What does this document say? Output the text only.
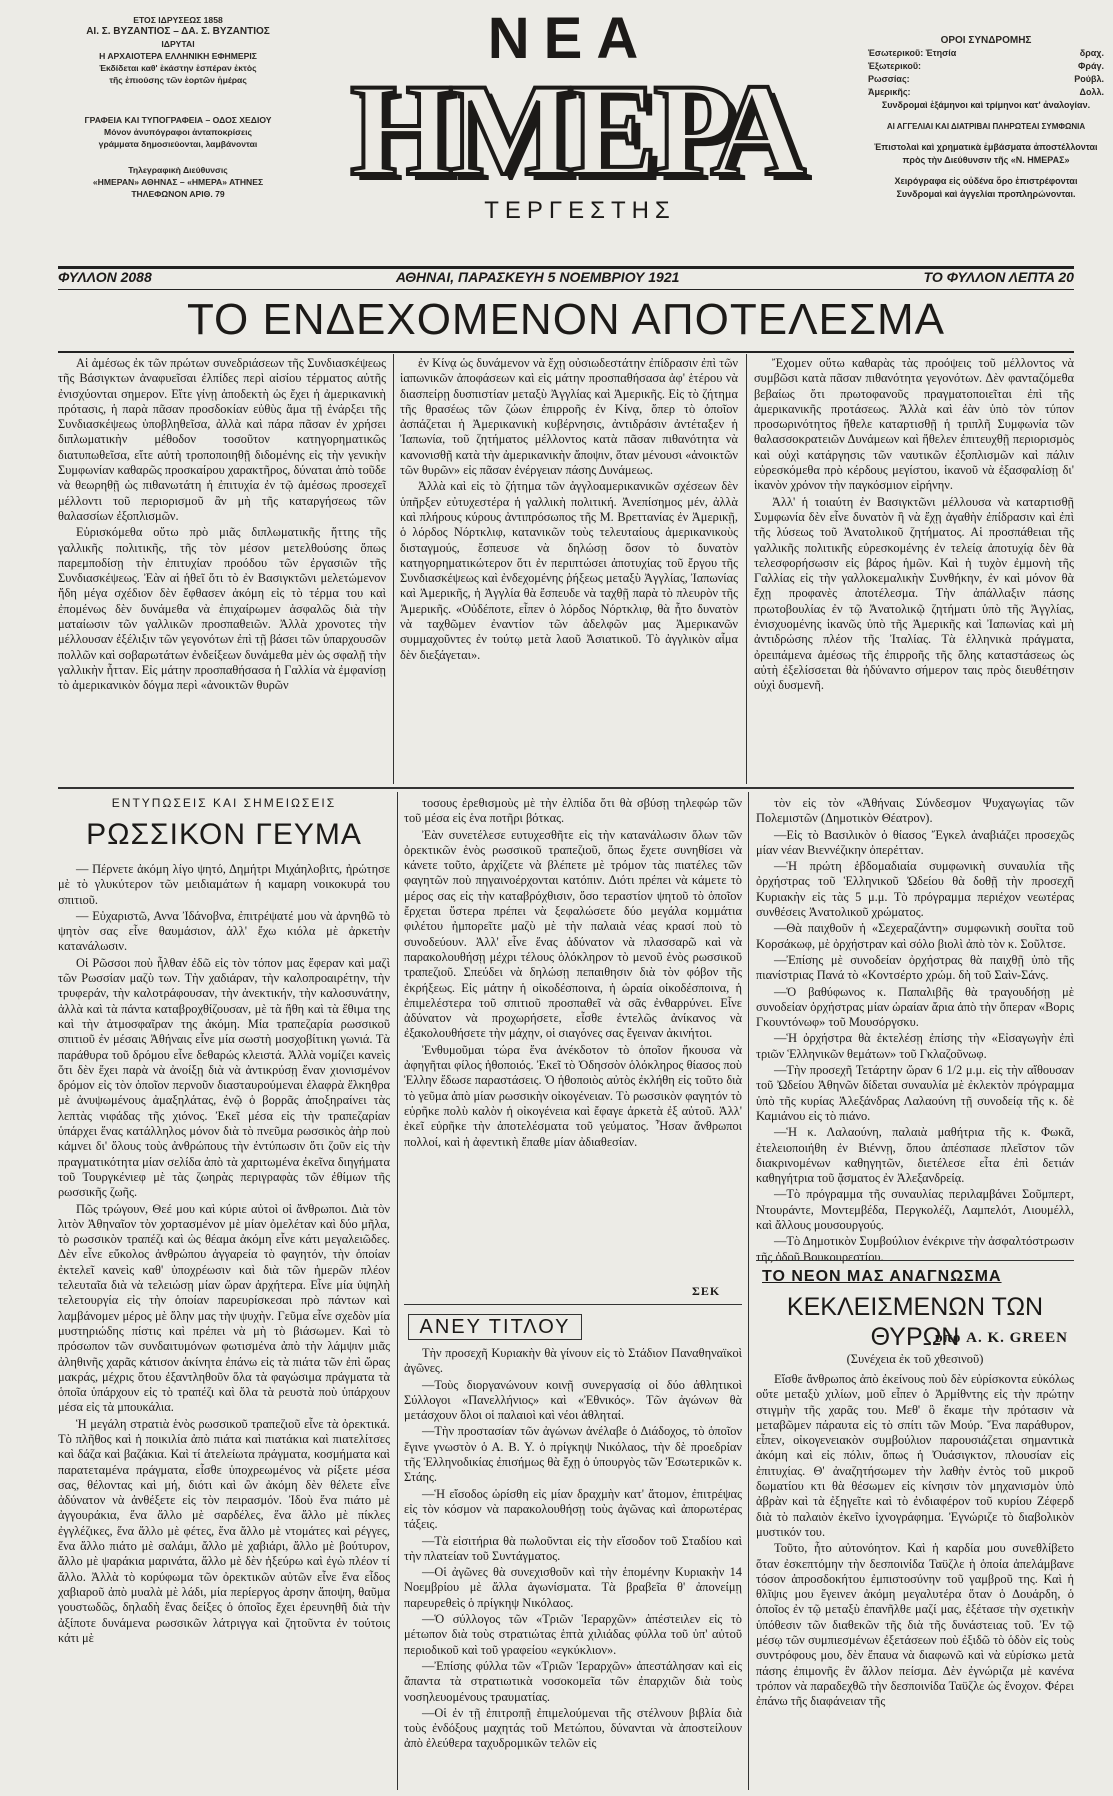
ΕΤΟΣ ΙΔΡΥΣΕΩΣ 1858
ΑΙ. Σ. ΒΥΖΑΝΤΙΟΣ – ΔΑ. Σ. ΒΥΖΑΝΤΙΟΣ
ΙΔΡΥΤΑΙ
Η ΑΡΧΑΙΟΤΕΡΑ ΕΛΛΗΝΙΚΗ ΕΦΗΜΕΡΙΣ
Ἐκδίδεται καθ' ἑκάστην ἑσπέραν ἐκτὸς
τῆς ἐπιούσης τῶν ἑορτῶν ἡμέρας
ΓΡΑΦΕΙΑ ΚΑΙ ΤΥΠΟΓΡΑΦΕΙΑ – ΟΔΟΣ ΧΕΔΙΟΥ
Μόνον ἀνυπόγραφοι ἀνταποκρίσεις
γράμματα δημοσιεύονται, λαμβάνονται
Τηλεγραφικὴ Διεύθυνσις
«ΗΜΕΡΑΝ» ΑΘΗΝΑΣ – «ΗΜΕΡΑ» ΑΤΗΝΕΣ
ΤΗΛΕΦΩΝΟΝ ΑΡΙΘ. 79
ΝΕΑ
ΗΜΕΡΑ
ΤΕΡΓΕΣΤΗΣ
ΟΡΟΙ ΣΥΝΔΡΟΜΗΣ
Ἐσωτερικοῦ: Ἐτησία	δραχ.
Ἐξωτερικοῦ:	Φράγ.
Ρωσσίας:	Ρούβλ.
Ἀμερικῆς:	Δολλ.
Συνδρομαὶ ἑξάμηνοι καὶ τρίμηνοι κατ' ἀναλογίαν.
ΑΙ ΑΓΓΕΛΙΑΙ ΚΑΙ ΔΙΑΤΡΙΒΑΙ ΠΛΗΡΩΤΕΑΙ ΣΥΜΦΩΝΙΑ
Ἐπιστολαὶ καὶ χρηματικὰ ἐμβάσματα ἀποστέλλονται πρὸς τὴν Διεύθυνσιν τῆς «Ν. ΗΜΕΡΑΣ»
Χειρόγραφα εἰς οὐδένα ὅρο ἐπιστρέφονται
Συνδρομαὶ καὶ ἀγγελίαι προπληρώνονται.
ΦΥΛΛΟΝ 2088	ΑΘΗΝΑΙ, ΠΑΡΑΣΚΕΥΗ 5 ΝΟΕΜΒΡΙΟΥ 1921	ΤΟ ΦΥΛΛΟΝ ΛΕΠΤΑ 20
ΤΟ ΕΝΔΕΧΟΜΕΝΟΝ ΑΠΟΤΕΛΕΣΜΑ

Αἱ ἀμέσως ἐκ τῶν πρώτων συνεδριάσεων τῆς Συνδιασκέψεως τῆς Βάσιγκτων ἀναφυεῖσαι ἐλπίδες περὶ αἰσίου τέρματος αὐτῆς ἐνισχύονται σημερον. Εἴτε γίνῃ ἀποδεκτὴ ὡς ἔχει ἡ ἀμερικανικὴ πρότασις, ἡ παρὰ πᾶσαν προσδοκίαν εὐθὺς ἅμα τῇ ἐνάρξει τῆς Συνδιασκέψεως ὑποβληθεῖσα, ἀλλὰ καὶ πάρα πᾶσαν ἐν χρήσει διπλωματικὴν μέθοδον τοσοῦτον κατηγορηματικῶς διατυπωθεῖσα, εἴτε αὐτὴ τροποποιηθῇ διδομένης εἰς τὴν γενικὴν Συμφωνίαν καθαρῶς προσκαίρου χαρακτῆρος, δύναται ἀπὸ τοῦδε νὰ θεωρηθῇ ὡς πιθανωτάτη ἡ ἐπιτυχία ἐν τῷ ἀμέσως προσεχεῖ μέλλοντι τοῦ περιορισμοῦ ἂν μὴ τῆς καταργήσεως τῶν θαλασσίων ἐξοπλισμῶν.

Εὑρισκόμεθα οὕτω πρὸ μιᾶς διπλωματικῆς ἥττης τῆς γαλλικῆς πολιτικῆς, τῆς τὸν μέσον μετελθούσης ὅπως παρεμποδίσῃ τὴν ἐπιτυχίαν προόδου τῶν ἐργασιῶν τῆς Συνδιασκέψεως. Ἐὰν αἱ ἡθεῖ ὅτι τὸ ἐν Βασιγκτῶνι μελετώμενον ἤδη μέγα σχέδιον δὲν ἔφθασεν ἀκόμη εἰς τὸ τέρμα του καὶ ἐπομένως δὲν δυνάμεθα νὰ ἐπιχαίρωμεν ἀσφαλῶς διὰ τὴν ματαίωσιν τῶν γαλλικῶν προσπαθειῶν. Ἀλλὰ χρονοτες τὴν μέλλουσαν ἐξέλιξιν τῶν γεγονότων ἐπὶ τῇ βάσει τῶν ὑπαρχουσῶν πολλῶν καὶ σοβαρωτάτων ἐνδείξεων δυνάμεθα μὲν ὡς σφαλῇ τὴν γαλλικὴν ἧτταν. Εἰς μάτην προσπαθήσασα ἡ Γαλλία νὰ ἐμφανίσῃ τὸ ἀμερικανικὸν δόγμα περὶ «ἀνοικτῶν θυρῶν

ἐν Κίνᾳ ὡς δυνάμενον νὰ ἔχῃ οὐσιωδεστάτην ἐπίδρασιν ἐπὶ τῶν ἰαπωνικῶν ἀποφάσεων καὶ εἰς μάτην προσπαθήσασα ἀφ' ἑτέρου νὰ διασπείρῃ δυσπιστίαν μεταξὺ Ἀγγλίας καὶ Ἀμερικῆς. Εἰς τὸ ζήτημα τῆς θρασέως τῶν ζώων ἐπιρροῆς ἐν Κίνᾳ, ὅπερ τὸ ὁποῖον ἀσπάζεται ἡ Ἀμερικανικὴ κυβέρνησις, ἀντιδράσιν ἀντέταξεν ἡ Ἰαπωνία, τοῦ ζητήματος μέλλοντος κατὰ πᾶσαν πιθανότητα νὰ κανονισθῇ κατὰ τὴν ἀμερικανικὴν ἄποψιν, ὅταν μένουσι «ἀνοικτῶν τῶν θυρῶν» εἰς πᾶσαν ἐνέργειαν πάσης Δυνάμεως.

Ἀλλὰ καὶ εἰς τὸ ζήτημα τῶν ἀγγλοαμερικανικῶν σχέσεων δὲν ὑπῆρξεν εὐτυχεστέρα ἡ γαλλικὴ πολιτική. Ἀνεπίσημος μέν, ἀλλὰ καὶ πλήρους κύρους ἀντιπρόσωπος τῆς Μ. Βρεττανίας ἐν Ἀμερικῇ, ὁ λόρδος Νόρτκλιφ, κατανικῶν τοὺς τελευταίους ἀμερικανικοὺς δισταγμούς, ἔσπευσε νὰ δηλώσῃ ὅσον τὸ δυνατὸν κατηγορηματικώτερον ὅτι ἐν περιπτώσει ἀποτυχίας τοῦ ἔργου τῆς Συνδιασκέψεως καὶ ἐνδεχομένης ῥήξεως μεταξὺ Ἀγγλίας, Ἰαπωνίας καὶ Ἀμερικῆς, ἡ Ἀγγλία θὰ ἔσπευδε νὰ ταχθῇ παρὰ τὸ πλευρὸν τῆς Ἀμερικῆς. «Οὐδέποτε, εἶπεν ὁ λόρδος Νόρτκλιφ, θὰ ἦτο δυνατὸν νὰ ταχθῶμεν ἐναντίον τῶν ἀδελφῶν μας Ἀμερικανῶν συμμαχοῦντες ἐν τούτῳ μετὰ λαοῦ Ἀσιατικοῦ. Τὸ ἀγγλικὸν αἷμα δὲν διεξάγεται».

Ἔχομεν οὕτω καθαρὰς τὰς προόψεις τοῦ μέλλοντος νὰ συμβῶσι κατὰ πᾶσαν πιθανότητα γεγονότων. Δὲν φανταζόμεθα βεβαίως ὅτι πρωτοφανοῦς πραγματοποιεῖται ἐπὶ τῆς ἀμερικανικῆς προτάσεως. Ἀλλὰ καὶ ἐὰν ὑπὸ τὸν τύπον προσωρινότητος ἤθελε καταρτισθῇ ἡ τριπλῆ Συμφωνία τῶν θαλασσοκρατειῶν Δυνάμεων καὶ ἤθελεν ἐπιτευχθῇ περιορισμὸς καὶ οὐχὶ κατάργησις τῶν ναυτικῶν ἐξοπλισμῶν καὶ πάλιν εὐρεσκόμεθα πρὸ κέρδους μεγίστου, ἱκανοῦ νὰ ἐξασφαλίσῃ δι' ἱκανὸν χρόνον τὴν παγκόσμιον εἰρήνην.

Ἀλλ' ἡ τοιαύτη ἐν Βασιγκτῶνι μέλλουσα νὰ καταρτισθῇ Συμφωνία δὲν εἶνε δυνατὸν ἢ νὰ ἔχῃ ἀγαθὴν ἐπίδρασιν καὶ ἐπὶ τῆς λύσεως τοῦ Ἀνατολικοῦ ζητήματος. Αἱ προσπάθειαι τῆς γαλλικῆς πολιτικῆς εὑρεσκομένης ἐν τελείᾳ ἀποτυχίᾳ δὲν θὰ τελεσφορήσωσιν εἰς βάρος ἡμῶν. Καὶ ἡ τυχὸν ἐμμονὴ τῆς Γαλλίας εἰς τὴν γαλλοκεμαλικὴν Συνθήκην, ἐν καὶ μόνον θὰ ἔχῃ προφανὲς ἀποτέλεσμα. Τὴν ἀπάλλαξιν πάσης πρωτοβουλίας ἐν τῷ Ἀνατολικῷ ζητήματι ὑπὸ τῆς Ἀγγλίας, ἐνισχυομένης ἱκανῶς ὑπὸ τῆς Ἀμερικῆς καὶ Ἰαπωνίας καὶ μὴ ἀντιδρώσης πλέον τῆς Ἰταλίας. Τὰ ἑλληνικὰ πράγματα, ὀρειπάμενα ἀμέσως τῆς ἐπιρροῆς τῆς ὅλης καταστάσεως ὡς αὐτὴ ἐξελίσσεται θὰ ἠδύναντο σήμερον ταις πρὸς διευθέτησιν οὐχὶ δυσμενῆ.

ΕΝΤΥΠΩΣΕΙΣ ΚΑΙ ΣΗΜΕΙΩΣΕΙΣ
ΡΩΣΣΙΚΟΝ ΓΕΥΜΑ

— Πέρνετε ἀκόμη λίγο ψητό, Δημήτρι Μιχάηλοβιτς, ἠρώτησε μὲ τὸ γλυκύτερον τῶν μειδιαμάτων ἡ καμαρη νοικοκυρά του σπιτιοῦ.

— Εὐχαριστῶ, Αννα Ἰδάνοβνα, ἐπιτρέψατέ μου νὰ ἀρνηθῶ τὸ ψητὸν σας εἶνε θαυμάσιον, ἀλλ' ἔχω κιόλα μὲ ἀρκετὴν κατανάλωσιν.

Οἱ Ρῶσσοι ποὺ ἦλθαν ἐδῶ εἰς τὸν τόπον μας ἔφεραν καὶ μαζὶ τῶν Ρωσσίαν μαζὺ των. Τὴν χαδιάραν, τὴν καλοπροαιρέτην, τὴν τρυφεράν, τὴν καλοτράφουσαν, τὴν ἀνεκτικήν, τὴν καλοσυνάτην, ἀλλὰ καὶ τὰ πάντα καταβροχθίζουσαν, μὲ τὰ ἤθη καὶ τὰ ἔθιμα της καὶ τὴν ἀτμοσφαῖραν της ἀκόμη. Μία τραπεζαρία ρωσσικοῦ σπιτιοῦ ἐν μέσαις Ἀθήναις εἶνε μία σωστὴ μοσχοβίτικη γωνιά. Τὰ παράθυρα τοῦ δρόμου εἶνε δεθαρώς κλειστά. Ἀλλὰ νομίζει κανεὶς ὅτι δὲν ἔχει παρὰ νὰ ἀνοίξῃ διὰ νὰ ἀντικρύσῃ ἕναν χιονισμένον δρόμον εἰς τὸν ὁποῖον περνοῦν διασταυρούμεναι ἐλαφρὰ ἕλκηθρα μὲ ἀνυψωμένους ἀμαξηλάτας, ἐνῷ ὁ βορρᾶς ἀποξηραίνει τὰς λεπτὰς νιφάδας τῆς χιόνος. Ἐκεῖ μέσα εἰς τὴν τραπεζαρίαν ὑπάρχει ἕνας κατάλληλος μόνον διὰ τὸ πνεῦμα ρωσσικὸς ἀὴρ ποὺ κάμνει δι' ὅλους τοὺς ἀνθρώπους τὴν ἐντύπωσιν ὅτι ζοῦν εἰς τὴν πραγματικότητα μίαν σελίδα ἀπὸ τὰ χαριτωμένα ἐκεῖνα διηγήματα τοῦ Τουργκένιεφ μὲ τὰς ζωηρὰς περιγραφὰς τῶν ἐθίμων τῆς ρωσσικῆς ζωῆς.

Πῶς τρώγουν, Θεέ μου καὶ κύριε αὐτοὶ οἱ ἄνθρωποι. Διὰ τὸν λιτὸν Ἀθηναῖον τὸν χορτασμένον μὲ μίαν ὀμελέταν καὶ δύο μῆλα, τὸ ρωσσικὸν τραπέζι καὶ ὡς θέαμα ἀκόμη εἶνε κάτι μεγαλειῶδες. Δὲν εἶνε εὔκολος ἀνθρώπου ἀγγαρεία τὸ φαγητόν, τὴν ὁποίαν ἐκτελεῖ κανεὶς καθ' ὑποχρέωσιν καὶ διὰ τῶν ἡμερῶν πλέον τελευταῖα διὰ νὰ τελειώσῃ μίαν ὥραν ἀρχήτερα. Εἶνε μία ὑψηλὴ τελετουργία εἰς τὴν ὁποίαν παρευρίσκεσαι πρὸ πάντων καὶ λαμβάνομεν μέρος μὲ ὅλην μας τὴν ψυχὴν. Γεῦμα εἶνε σχεδὸν μία μυστηριώδης πίστις καὶ πρέπει νὰ μὴ τὸ βιάσωμεν. Καὶ τὸ πρόσωπον τῶν συνδαιτυμόνων φωτισμένα ἀπὸ τὴν λάμψιν μιᾶς ἀληθινῆς χαρᾶς κάτισον ἀκίνητα ἐπάνω εἰς τὰ πιάτα τῶν ἐπὶ ὥρας μακράς, μέχρις ὅτου ἐξαντληθοῦν ὅλα τὰ φαγώσιμα πράγματα τὰ ὁποῖα ὑπάρχουν εἰς τὸ τραπέζι καὶ ὅλα τὰ ρευστὰ ποὺ ὑπάρχουν μέσα εἰς τὰ μπουκάλια.

Ἡ μεγάλη στρατιὰ ἑνὸς ρωσσικοῦ τραπεζιοῦ εἶνε τὰ ὀρεκτικά. Τὸ πλῆθος καὶ ἡ ποικιλία ἀπὸ πιάτα καὶ πιατάκια καὶ πιατελίτσες καὶ δάζα καὶ βαζάκια. Καὶ τί ἀτελείωτα πράγματα, κοσμήματα καὶ παρατεταμένα πράγματα, εἶσθε ὑποχρεωμένος νὰ ρίξετε μέσα σας, θέλοντας καὶ μή, διότι καὶ ὢν ἀκόμη δὲν θέλετε εἶνε ἀδύνατον νὰ ἀνθέξετε εἰς τὸν πειρασμόν. Ἰδοὺ ἕνα πιάτο μὲ ἀγγουράκια, ἕνα ἄλλο μὲ σαρδέλες, ἕνα ἄλλο μὲ πίκλες ἐγγλέζικες, ἕνα ἄλλο μὲ φέτες, ἕνα ἄλλο μὲ ντομάτες καὶ ρέγγες, ἕνα ἄλλο πιάτο μὲ σαλάμι, ἄλλο μὲ χαβιάρι, ἄλλο μὲ βούτυρον, ἄλλο μὲ ψαράκια μαρινάτα, ἄλλο μὲ δὲν ἠξεύρω καὶ ἐγὼ πλέον τί ἄλλο. Ἀλλὰ τὸ κορύφωμα τῶν ὀρεκτικῶν αὐτῶν εἶνε ἕνα εἶδος χαβιαροῦ ἀπὸ μυαλὰ μὲ λάδι, μία περίεργος ἀρσην ἄποψη, θαῦμα γουστωδῶς, δηλαδὴ ἕνας δείξες ὁ ὁποῖος ἔχει ἐρευνηθῆ διὰ τὴν ἀξίποτε δυνάμενα ρωσσικῶν λάτριγγα καὶ ζητοῦντα ἐν τούτοις κάτι μὲ

τοσους ἐρεθισμοὺς μὲ τὴν ἐλπίδα ὅτι θὰ σβύσῃ τηλεφώρ τῶν τοῦ μέσα εἰς ἑνα ποτῆρι βότκας.

Ἐὰν συνετέλεσε ευτυχεσθῆτε εἰς τὴν κατανάλωσιν ὅλων τῶν ὀρεκτικῶν ἑνὸς ρωσσικοῦ τραπεζιοῦ, ὅπως ἔχετε συνηθίσει νὰ κάνετε τοῦτο, ἀρχίζετε νὰ βλέπετε μὲ τρόμον τὰς πιατέλες τῶν φαγητῶν ποὺ πηγαινοέρχονται κατόπιν. Διότι πρέπει νὰ κάμετε τὸ μέρος σας εἰς τὴν καταβρόχθισιν, ὅσο τεραστίον ψητοῦ τὸ ὁποῖον ἔρχεται ὕστερα πρέπει νὰ ξεφαλώσετε δύο μεγάλα κομμάτια φιλέτου ἠμπορεῖτε μαζὺ μὲ τὴν παλαιὰ νέας κρασί ποὺ τὸ συνοδεύουν. Ἀλλ' εἶνε ἕνας ἀδύνατον νὰ πλασσαρῶ καὶ νὰ παρακολουθήσῃ μέχρι τέλους ὁλόκληρον τὸ μενοῦ ἑνὸς ρωσσικοῦ τραπεζιοῦ. Σπεύδει νὰ δηλώσῃ πεπαιθησιν διὰ τὸν φόβον τῆς ἐκρήξεως. Εἰς μάτην ἡ οἰκοδέσποινα, ἡ ὡραία οἰκοδέσποινα, ἡ ἐπιμελέστερα τοῦ σπιτιοῦ προσπαθεῖ νὰ σᾶς ἐνθαρρύνει. Εἶνε ἀδύνατον νὰ προχωρήσετε, εἶσθε ἐντελῶς ἀνίκανος νὰ ἐξακολουθήσετε τὴν μάχην, οἱ σιαγόνες σας ἔγειναν ἀκινήτοι.

Ἐνθυμοῦμαι τώρα ἕνα ἀνέκδοτον τὸ ὁποῖον ἤκουσα νὰ ἀφηγῆται φίλος ἡθοποιός. Ἐκεῖ τὸ Ὀδησσὸν ὁλόκληρος θίασος ποὺ Ἐλλην ἔδωσε παραστάσεις. Ὁ ἡθοποιὸς αὐτὸς ἐκλήθη εἰς τοῦτο διὰ τὸ γεῦμα ἀπὸ μίαν ρωσσικὴν οἰκογένειαν. Τὸ ρωσσικὸν φαγητόν τὸ εὑρῆκε πολὺ καλὸν ἡ οἰκογένεια καὶ ἔφαγε ἀρκετὰ ἐξ αὐτοῦ. Ἀλλ' ἐκεῖ εὑρῆκε τὴν ἀποτελέσματα τοῦ γεύματος. Ἦσαν ἄνθρωποι πολλοί, καὶ ἡ ἀφεντικὴ ἔπαθε μίαν ἀδιαθεσίαν.

ΣΕΚ
ΑΝΕΥ ΤΙΤΛΟΥ

Τὴν προσεχῆ Κυριακὴν θὰ γίνουν εἰς τὸ Στάδιον Παναθηναϊκοὶ ἀγῶνες.

—Τοὺς διοργανώνουν κοινῇ συνεργασίᾳ οἱ δύο ἀθλητικοὶ Σύλλογοι «Πανελλήνιος» καὶ «Ἐθνικός». Τῶν ἀγώνων θὰ μετάσχουν ὅλοι οἱ παλαιοὶ καὶ νέοι ἀθληταί.

—Τὴν προστασίαν τῶν ἀγώνων ἀνέλαβε ὁ Διάδοχος, τὸ ὁποῖον ἔγινε γνωστὸν ὁ Α. Β. Υ. ὁ πρίγκηψ Νικόλαος, τὴν δὲ προεδρίαν τῆς Ἑλληνοδικίας ἐπισήμως θὰ ἔχῃ ὁ ὑπουργὸς τῶν Ἐσωτερικῶν κ. Στάης.

—Ἡ εἴσοδος ὡρίσθη εἰς μίαν δραχμὴν κατ' ἄτομον, ἐπιτρέψας εἰς τὸν κόσμον νὰ παρακολουθήσῃ τοὺς ἀγῶνας καὶ ἀπορωτέρας τάξεις.

—Τὰ εἰσιτήρια θὰ πωλοῦνται εἰς τὴν εἴσοδον τοῦ Σταδίου καὶ τὴν πλατείαν τοῦ Συντάγματος.

—Οἱ ἀγῶνες θὰ συνεχισθοῦν καὶ τὴν ἑπομένην Κυριακὴν 14 Νοεμβρίου μὲ ἄλλα ἀγωνίσματα. Τὰ βραβεῖα θ' ἀπονείμῃ παρευρεθεὶς ὁ πρίγκηψ Νικόλαος.

—Ὁ σύλλογος τῶν «Τριῶν Ἱεραρχῶν» ἀπέστειλεν εἰς τὸ μέτωπον διὰ τοὺς στρατιώτας ἑπτὰ χιλιάδας φύλλα τοῦ ὑπ' αὐτοῦ περιοδικοῦ καὶ τοῦ γραφείου «εγκύκλιον».

—Ἐπίσης φύλλα τῶν «Τριῶν Ἱεραρχῶν» ἀπεστάλησαν καὶ εἰς ἅπαντα τὰ στρατιωτικὰ νοσοκομεῖα τῶν ἐπαρχιῶν διὰ τοὺς νοσηλευομένους τραυματίας.

—Οἱ ἐν τῇ ἐπιτροπῇ ἐπιμελούμεναι τῆς στέλνουν βιβλία διὰ τοὺς ἐνδόξους μαχητάς τοῦ Μετώπου, δύνανται νὰ ἀποστείλουν ἀπὸ ἐλεύθερα ταχυδρομικῶν τελῶν εἰς

τὸν εἰς τὸν «Ἀθήναις Σύνδεσμον Ψυχαγωγίας τῶν Πολεμιστῶν (Δημοτικὸν Θέατρον).

—Εἰς τὸ Βασιλικὸν ὁ θίασος Ἔγκελ ἀναβιάζει προσεχῶς μίαν νέαν Βιεννέζικην ὀπερέτταν.

—Ἡ πρώτη ἑβδομαδιαία συμφωνικὴ συναυλία τῆς ὀρχήστρας τοῦ Ἑλληνικοῦ Ὠδείου θὰ δοθῇ τὴν προσεχῆ Κυριακὴν εἰς τὰς 5 μ.μ. Τὸ πρόγραμμα περιέχον νεωτέρας συνθέσεις Ἀνατολικοῦ χρώματος.

—Θὰ παιχθοῦν ἡ «Σεχεραζάντη» συμφωνικὴ σουῖτα τοῦ Κορσάκωφ, μὲ ὀρχήστραν καὶ σόλο βιολὶ ἀπὸ τὸν κ. Σοῦλτσε.

—Ἐπίσης μὲ συνοδείαν ὀρχήστρας θὰ παιχθῇ ὑπὸ τῆς πιανίστριας Πανά τὸ «Κοντσέρτο χρώμ. δὴ τοῦ Σαὶν-Σάνς.

—Ὁ βαθύφωνος κ. Παπαλιβῆς θὰ τραγουδήσῃ μὲ συνοδείαν ὀρχήστρας μίαν ὡραίαν ἄρια ἀπὸ τὴν ὄπεραν «Βορις Γκουντόνωφ» τοῦ Μουσόργσκυ.

—Ἡ ὀρχήστρα θὰ ἐκτελέσῃ ἐπίσης τὴν «Εἰσαγωγὴν ἐπὶ τριῶν Ἑλληνικῶν θεμάτων» τοῦ Γκλαζοῦνωφ.

—Τὴν προσεχῆ Τετάρτην ὥραν 6 1/2 μ.μ. εἰς τὴν αἴθουσαν τοῦ Ὠδείου Ἀθηνῶν δίδεται συναυλία μὲ ἐκλεκτὸν πρόγραμμα ὑπὸ τῆς κυρίας Ἀλεξάνδρας Λαλαούνη τῇ συνοδείᾳ τῆς κ. δὲ Καμιάνου εἰς τὸ πιάνο.

—Ἡ κ. Λαλαούνη, παλαιὰ μαθήτρια τῆς κ. Φωκᾶ, ἐτελειοποιήθη ἐν Βιέννῃ, ὅπου ἀπέσπασε πλεῖστον τῶν διακρινομένων καθηγητῶν, διετέλεσε εἶτα ἐπὶ δετιάν καθηγήτρια τοῦ ᾄσματος ἐν Ἀλεξανδρείᾳ.

—Τὸ πρόγραμμα τῆς συναυλίας περιλαμβάνει Σοῦμπερτ, Ντουράντε, Μοντεμβέδα, Περγκολέζι, Λαμπελότ, Λιουμέλλ, καὶ ἄλλους μουσουργούς.

—Τὸ Δημοτικὸν Συμβούλιον ἐνέκρινε τὴν ἀσφαλτόστρωσιν τῆς ὁδοῦ Βουκουρεστίου.

ΤΟ ΝΕΟΝ ΜΑΣ ΑΝΑΓΝΩΣΜΑ
ΚΕΚΛΕΙΣΜΕΝΩΝ ΤΩΝ ΘΥΡΩΝ
ὑπὸ A. K. GREEN
(Συνέχεια ἐκ τοῦ χθεσινοῦ)

Εἴσθε ἄνθρωπος ἀπὸ ἐκείνους ποὺ δὲν εὑρίσκοντα εὐκόλως οὔτε μεταξὺ χιλίων, μοῦ εἶπεν ὁ Ἀρμίθντης εἰς τὴν πρώτην στιγμὴν τῆς χαρᾶς του. Μεθ' ὃ ἔκαμε τὴν πρότασιν νὰ μεταβῶμεν πάραυτα εἰς τὸ σπίτι τῶν Μούρ. Ἕνα παράθυρον, εἶπεν, οἰκογενειακὸν συμβούλιον παρουσιάζεται σημαντικὰ ἀκόμη καὶ εἰς πόλιν, ὅπως ἡ Ὀυάσιγκτον, πλουσίαν εἰς ἐπιτυχίας. Θ' ἀναζητήσωμεν τὴν λαθὴν ἐντὸς τοῦ μικροῦ δωματίου κτι θὰ θέσωμεν εἰς κίνησιν τὸν μηχανισμὸν ὑπὸ ἀβρὰν καὶ τὰ ἐξηγεῖτε καὶ τὸ ἐνδιαφέρον τοῦ κυρίου Ζέφερδ διὰ τὸ παλαιὸν ἐκεῖνο ἰχνογράφημα. Ἐγνώριζε τὸ διαβολικὸν μυστικόν του.

Τοῦτο, ἦτο αὐτονόητον. Καὶ ἡ καρδία μου συνεθλίβετο ὅταν ἐσκεπτόμην τὴν δεσποινίδα Ταϋζλε ἡ ὁποία ἀπελάμβανε τόσον ἀπροσδοκήτου ἐμπιστοσύνην τοῦ γαμβροῦ της. Καὶ ἡ θλῖψις μου ἔγεινεν ἀκόμη μεγαλυτέρα ὅταν ὁ Δουάρδη, ὁ ὁποῖος ἐν τῷ μεταξὺ ἐπανῆλθε μαζί μας, ἐξέτασε τὴν σχετικὴν ὑπόθεσιν τῶν διαθεκῶν τῆς διὰ τῆς δυνάστειας τοῦ. Ἐν τῷ μέσῳ τῶν συμπιεσμένων ἐξετάσεων ποὺ ἐξιδῶ τὸ ὁδὸν εἰς τοὺς συντρόφους μου, δὲν ἔπαυα νὰ διαφωνῶ καὶ νὰ εὑρίσκω μετὰ πάσης ἐπιμονῆς ἓν ἄλλον πείσμα. Δὲν ἐγνώριζα μὲ κανένα τρόπον νὰ παραδεχθῶ τὴν δεσποινίδα Ταϋζλε ὡς ἔνοχον. Φέρει ἐπάνω τῆς διαφάνειαν τῆς
